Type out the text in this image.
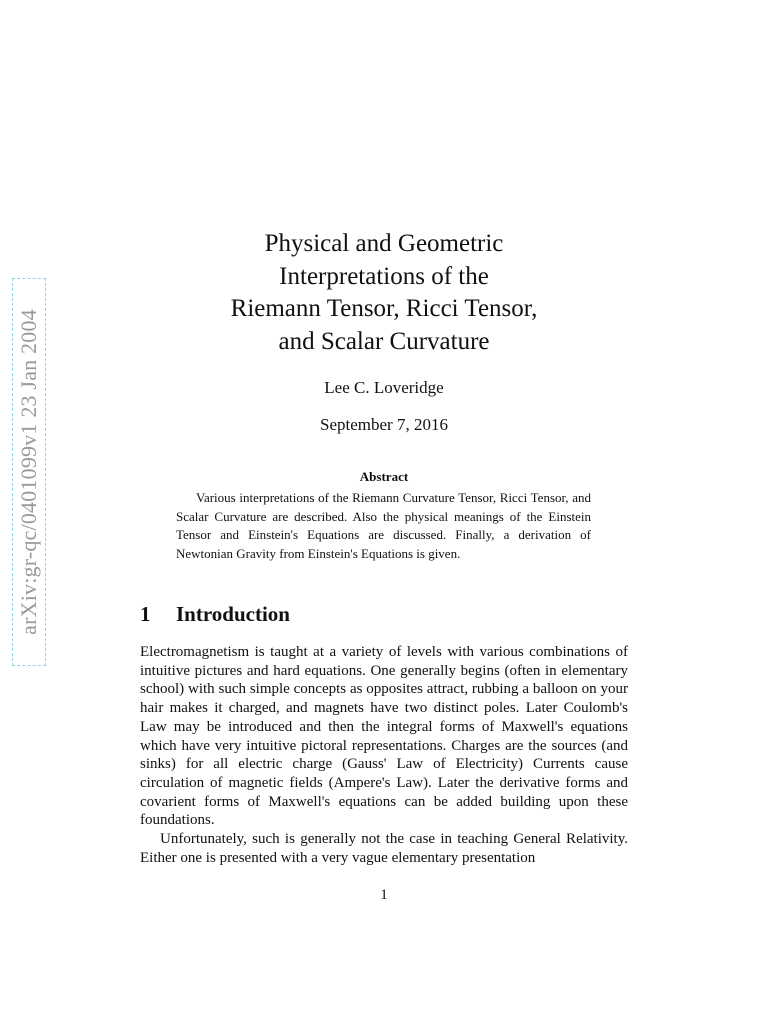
arXiv:gr-qc/0401099v1 23 Jan 2004
Physical and Geometric
Interpretations of the
Riemann Tensor, Ricci Tensor,
and Scalar Curvature
Lee C. Loveridge
September 7, 2016
Abstract

Various interpretations of the Riemann Curvature Tensor, Ricci Tensor, and Scalar Curvature are described. Also the physical meanings of the Einstein Tensor and Einstein's Equations are discussed. Finally, a derivation of Newtonian Gravity from Einstein's Equations is given.

1 Introduction

Electromagnetism is taught at a variety of levels with various combinations of intuitive pictures and hard equations. One generally begins (often in elementary school) with such simple concepts as opposites attract, rubbing a balloon on your hair makes it charged, and magnets have two distinct poles. Later Coulomb's Law may be introduced and then the integral forms of Maxwell's equations which have very intuitive pictoral representations. Charges are the sources (and sinks) for all electric charge (Gauss' Law of Electricity) Currents cause circulation of magnetic fields (Ampere's Law). Later the derivative forms and covarient forms of Maxwell's equations can be added building upon these foundations.

Unfortunately, such is generally not the case in teaching General Relativity. Either one is presented with a very vague elementary presentation

1
